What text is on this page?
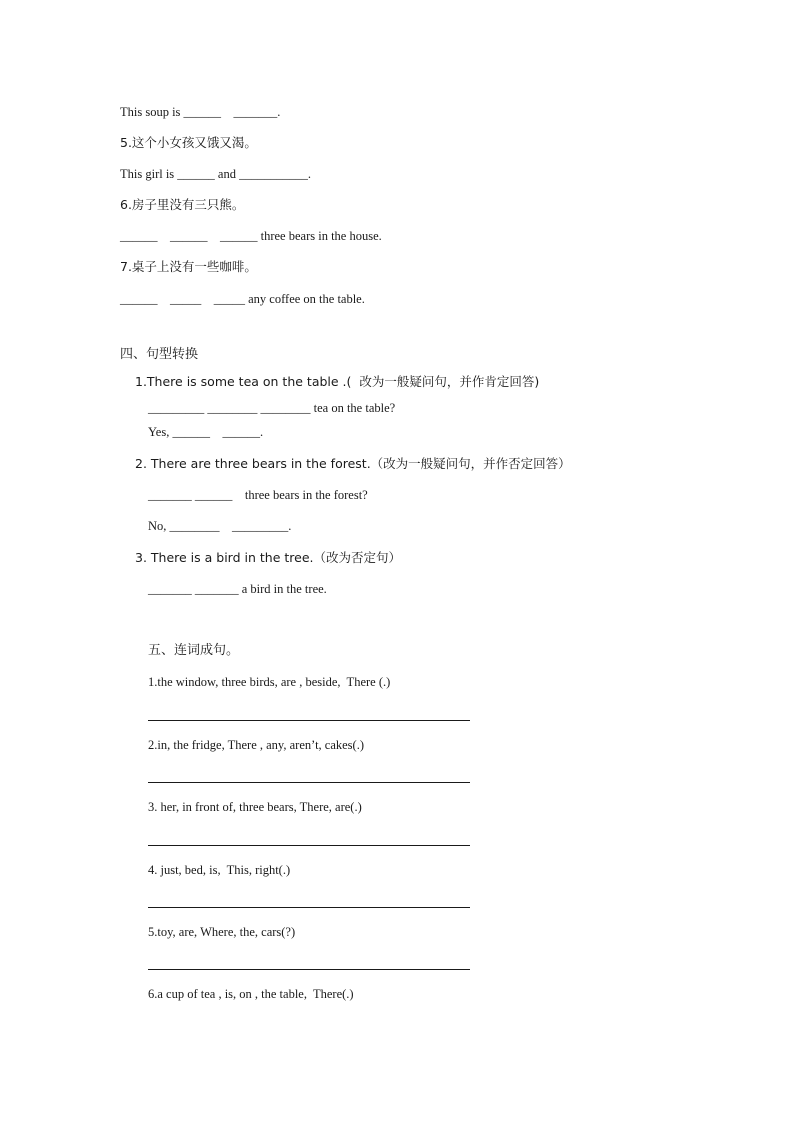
This soup is ______    _______.
5.这个小女孩又饿又渴。
This girl is ______ and ___________.
6.房子里没有三只熊。
______    ______    ______ three bears in the house.
7.桌子上没有一些咖啡。
______    _____    _____ any coffee on the table.
四、句型转换
1.There is some tea on the table .(  改为一般疑问句，并作肯定回答)
_________ ________ ________ tea on the table?
Yes, ______    ______.
2. There are three bears in the forest.（改为一般疑问句，并作否定回答）
_______ ______    three bears in the forest?
No, ________    _________.
3. There is a bird in the tree.（改为否定句）
_______ _______ a bird in the tree.
五、连词成句。
1.the window, three birds, are , beside,  There (.)
2.in, the fridge, There , any, aren’t, cakes(.)
3. her, in front of, three bears, There, are(.)
4. just, bed, is,  This, right(.)
5.toy, are, Where, the, cars(?)
6.a cup of tea , is, on , the table,  There(.)
